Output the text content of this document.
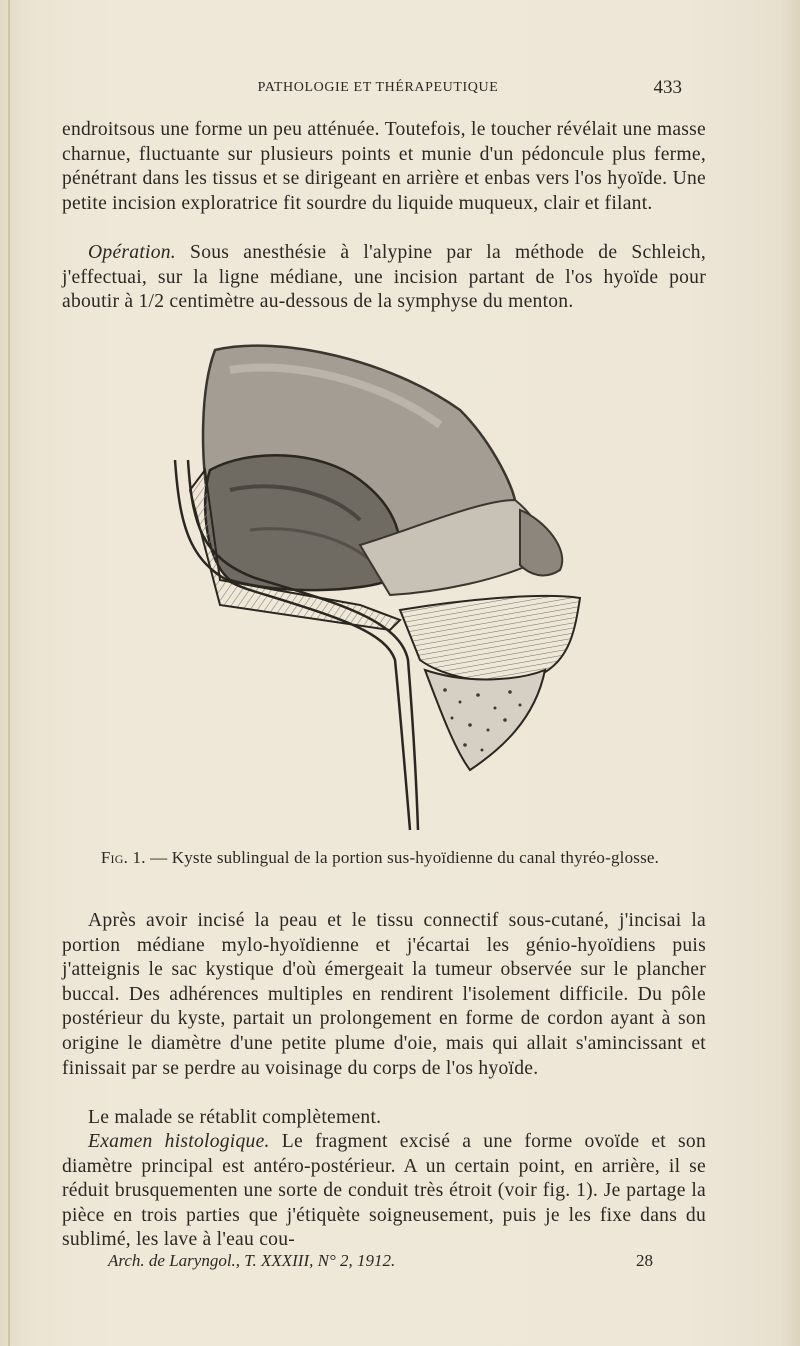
PATHOLOGIE ET THÉRAPEUTIQUE	433

endroitsous une forme un peu atténuée. Toutefois, le toucher révélait une masse charnue, fluctuante sur plusieurs points et munie d'un pédoncule plus ferme, pénétrant dans les tissus et se dirigeant en arrière et enbas vers l'os hyoïde. Une petite incision exploratrice fit sourdre du liquide muqueux, clair et filant.

Opération. Sous anesthésie à l'alypine par la méthode de Schleich, j'effectuai, sur la ligne médiane, une incision partant de l'os hyoïde pour aboutir à 1/2 centimètre au-dessous de la symphyse du menton.

Fig. 1. — Kyste sublingual de la portion sus-hyoïdienne du canal thyréo-glosse.

Après avoir incisé la peau et le tissu connectif sous-cutané, j'incisai la portion médiane mylo-hyoïdienne et j'écartai les génio-hyoïdiens puis j'atteignis le sac kystique d'où émergeait la tumeur observée sur le plancher buccal. Des adhérences multiples en rendirent l'isolement difficile. Du pôle postérieur du kyste, partait un prolongement en forme de cordon ayant à son origine le diamètre d'une petite plume d'oie, mais qui allait s'amincissant et finissait par se perdre au voisinage du corps de l'os hyoïde.

Le malade se rétablit complètement.

Examen histologique. Le fragment excisé a une forme ovoïde et son diamètre principal est antéro-postérieur. A un certain point, en arrière, il se réduit brusquementen une sorte de conduit très étroit (voir fig. 1). Je partage la pièce en trois parties que j'étiquète soigneusement, puis je les fixe dans du sublimé, les lave à l'eau cou-

Arch. de Laryngol., T. XXXIII, N° 2, 1912.	28
